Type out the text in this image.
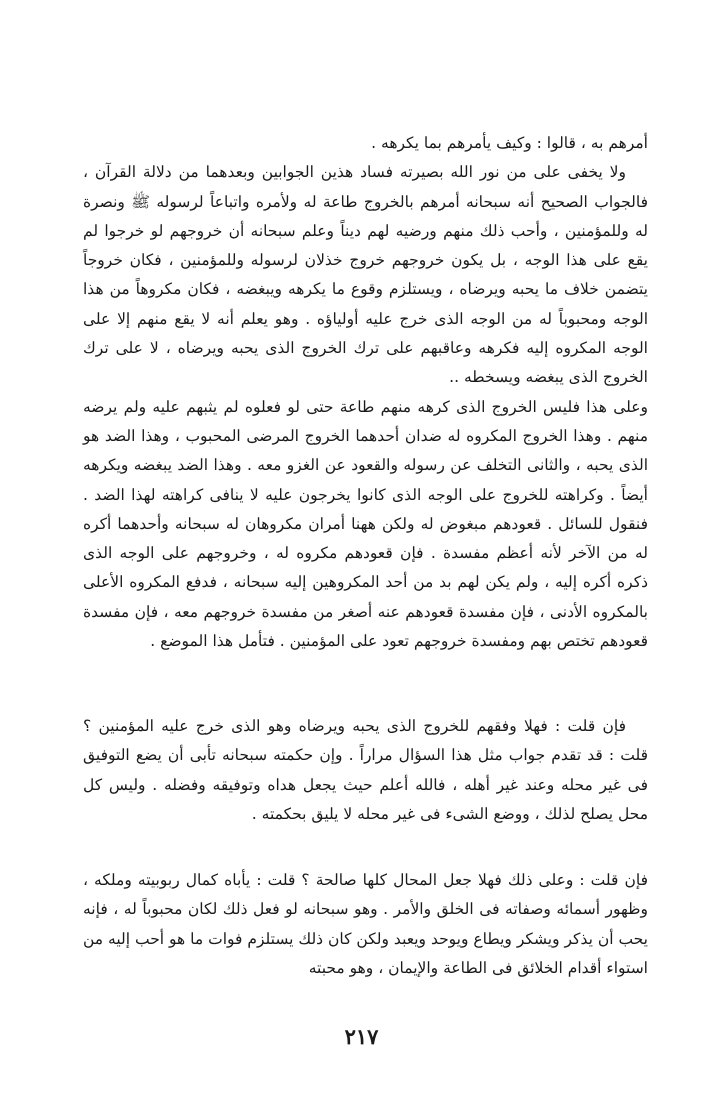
أمرهم به ، قالوا : وكيف يأمرهم بما يكرهه .

ولا يخفى على من نور الله بصيرته فساد هذين الجوابين وبعدهما من دلالة القرآن ، فالجواب الصحيح أنه سبحانه أمرهم بالخروج طاعة له ولأمره واتباعاً لرسوله ﷺ ونصرة له وللمؤمنين ، وأحب ذلك منهم ورضيه لهم ديناً وعلم سبحانه أن خروجهم لو خرجوا لم يقع على هذا الوجه ، بل يكون خروجهم خروج خذلان لرسوله وللمؤمنين ، فكان خروجاً يتضمن خلاف ما يحبه ويرضاه ، ويستلزم وقوع ما يكرهه ويبغضه ، فكان مكروهاً من هذا الوجه ومحبوباً له من الوجه الذى خرج عليه أولياؤه . وهو يعلم أنه لا يقع منهم إلا على الوجه المكروه إليه فكرهه وعاقبهم على ترك الخروج الذى يحبه ويرضاه ، لا على ترك الخروج الذى يبغضه ويسخطه ..

وعلى هذا فليس الخروج الذى كرهه منهم طاعة حتى لو فعلوه لم يثبهم عليه ولم يرضه منهم . وهذا الخروج المكروه له ضدان أحدهما الخروج المرضى المحبوب ، وهذا الضد هو الذى يحبه ، والثانى التخلف عن رسوله والقعود عن الغزو معه . وهذا الضد يبغضه ويكرهه أيضاً . وكراهته للخروج على الوجه الذى كانوا يخرجون عليه لا ينافى كراهته لهذا الضد . فنقول للسائل . قعودهم مبغوض له ولكن ههنا أمران مكروهان له سبحانه وأحدهما أكره له من الآخر لأنه أعظم مفسدة . فإن قعودهم مكروه له ، وخروجهم على الوجه الذى ذكره أكره إليه ، ولم يكن لهم بد من أحد المكروهين إليه سبحانه ، فدفع المكروه الأعلى بالمكروه الأدنى ، فإن مفسدة قعودهم عنه أصغر من مفسدة خروجهم معه ، فإن مفسدة قعودهم تختص بهم ومفسدة خروجهم تعود على المؤمنين . فتأمل هذا الموضع .

فإن قلت : فهلا وفقهم للخروج الذى يحبه ويرضاه وهو الذى خرج عليه المؤمنين ؟ قلت : قد تقدم جواب مثل هذا السؤال مراراً . وإن حكمته سبحانه تأبى أن يضع التوفيق فى غير محله وعند غير أهله ، فالله أعلم حيث يجعل هداه وتوفيقه وفضله . وليس كل محل يصلح لذلك ، ووضع الشىء فى غير محله لا يليق بحكمته .

فإن قلت : وعلى ذلك فهلا جعل المحال كلها صالحة ؟ قلت : يأباه كمال ربوبيته وملكه ، وظهور أسمائه وصفاته فى الخلق والأمر . وهو سبحانه لو فعل ذلك لكان محبوباً له ، فإنه يحب أن يذكر ويشكر ويطاع ويوحد ويعبد ولكن كان ذلك يستلزم فوات ما هو أحب إليه من استواء أقدام الخلائق فى الطاعة والإيمان ، وهو محبته

٢١٧
